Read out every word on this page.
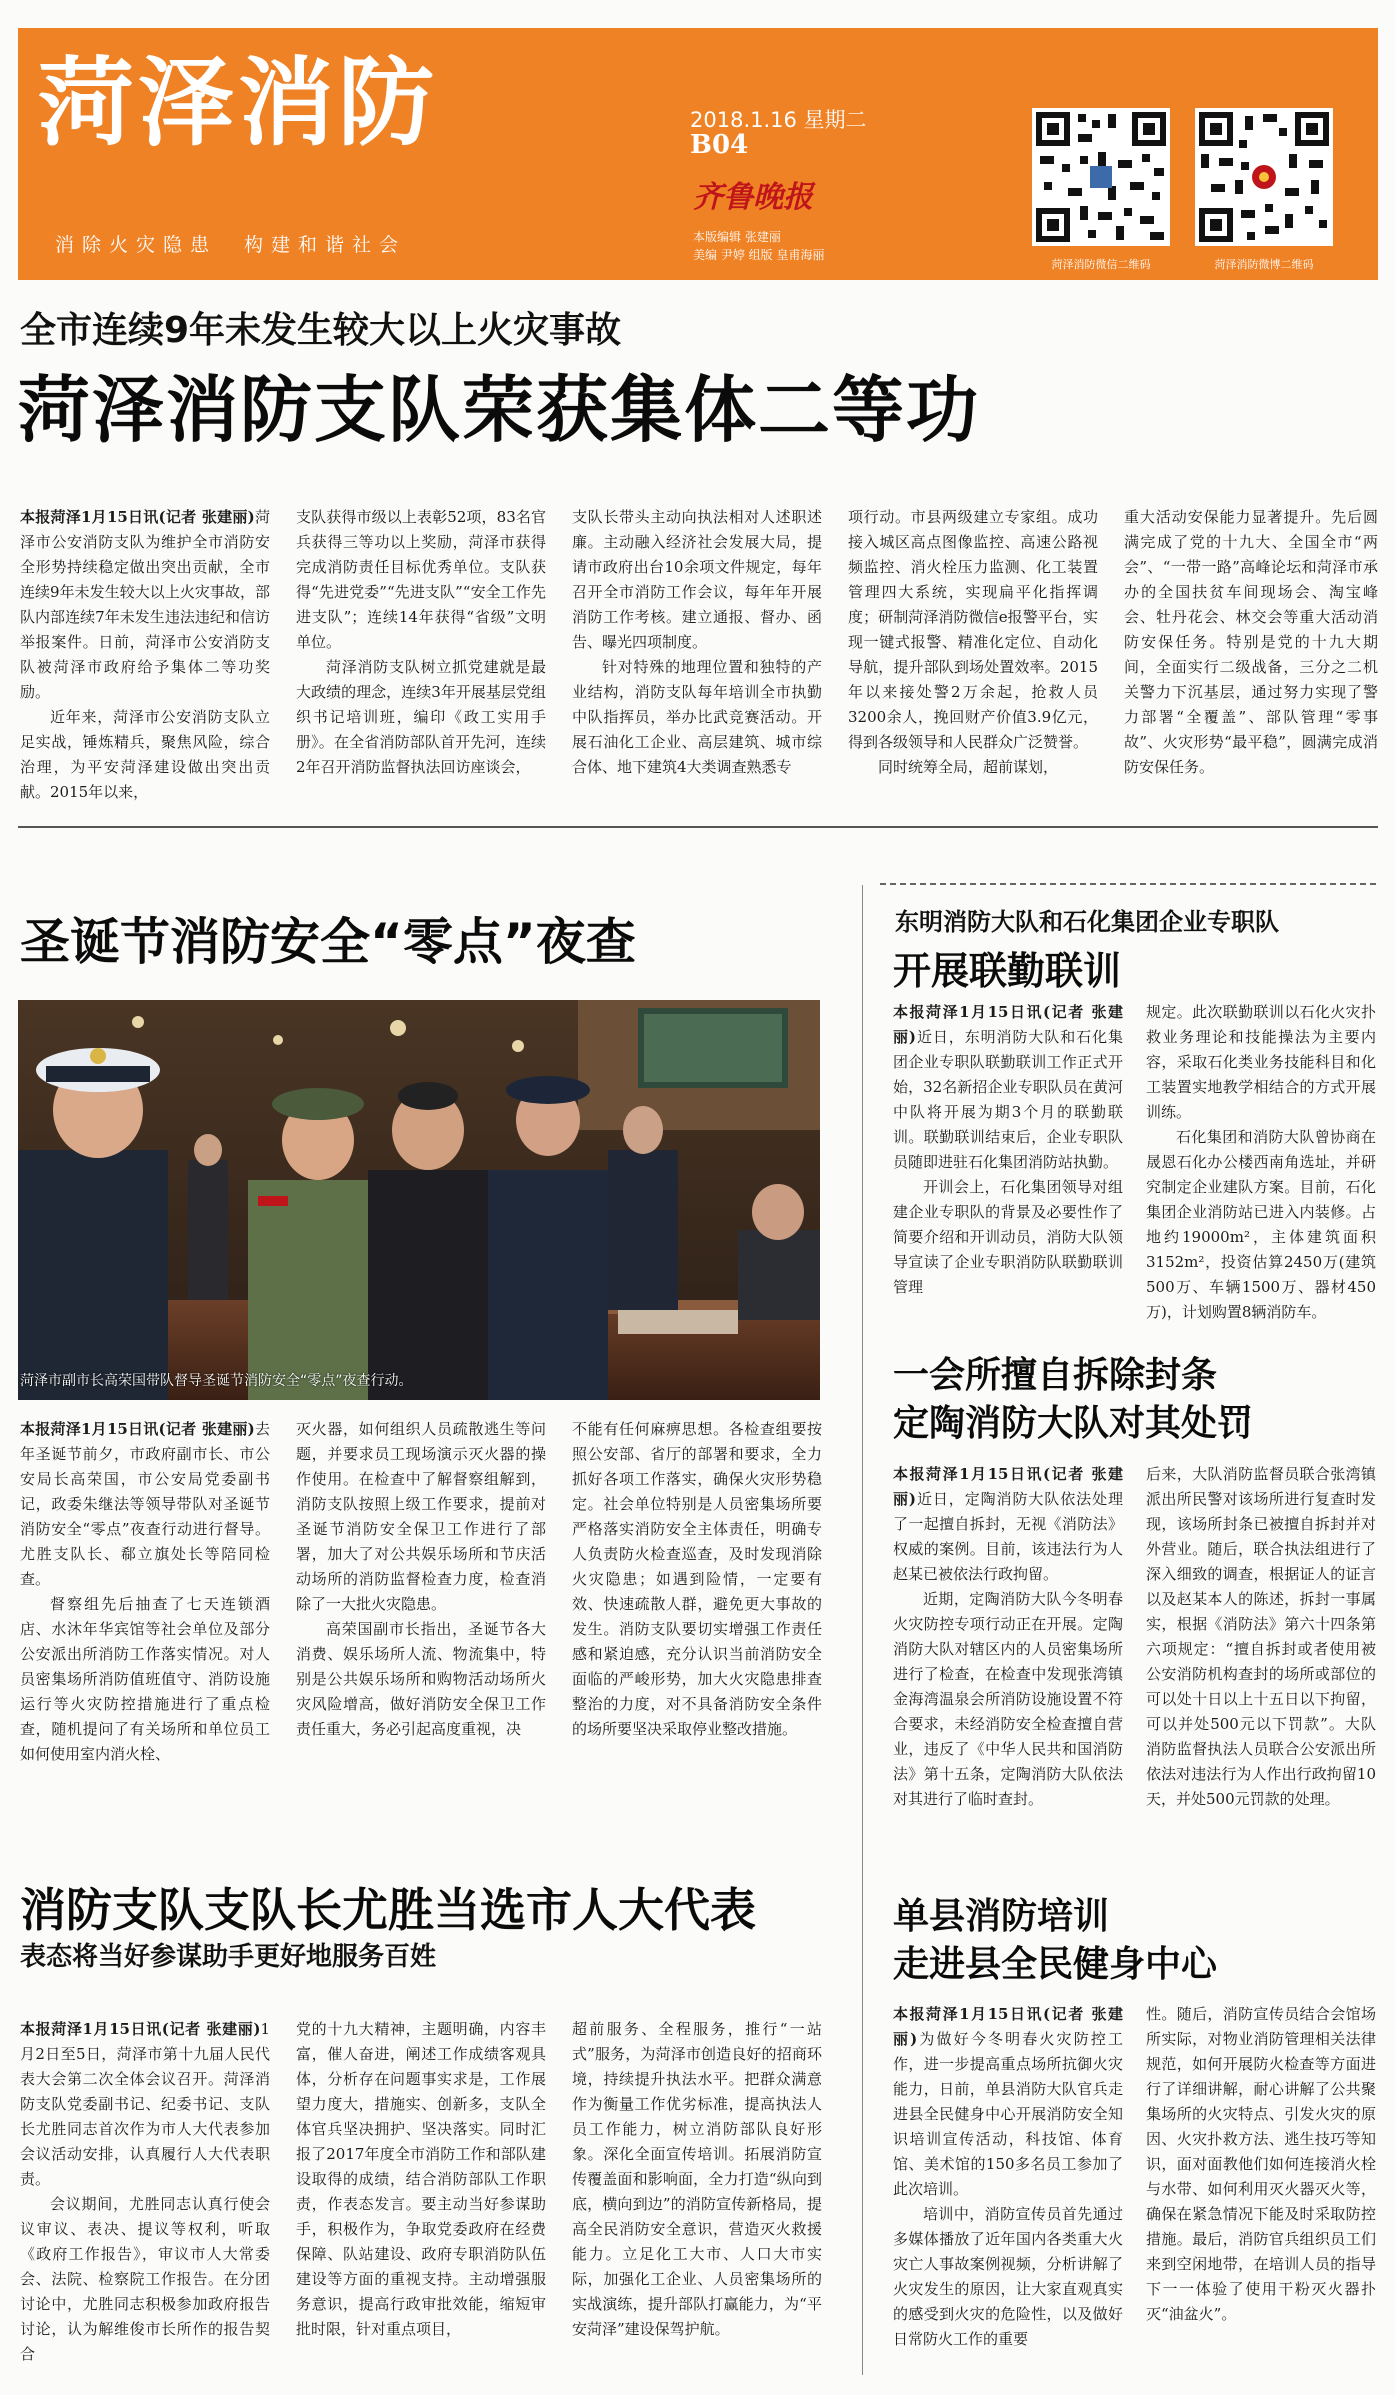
菏泽消防
消除火灾隐患　构建和谐社会
2018.1.16 星期二
B04
齐鲁晚报
本版编辑 张建丽
美编 尹婷 组版 皇甫海丽
菏泽消防微信二维码	菏泽消防微博二维码
全市连续9年未发生较大以上火灾事故
菏泽消防支队荣获集体二等功

本报菏泽1月15日讯(记者 张建丽)菏泽市公安消防支队为维护全市消防安全形势持续稳定做出突出贡献，全市连续9年未发生较大以上火灾事故，部队内部连续7年未发生违法违纪和信访举报案件。日前，菏泽市公安消防支队被菏泽市政府给予集体二等功奖励。

近年来，菏泽市公安消防支队立足实战，锤炼精兵，聚焦风险，综合治理，为平安菏泽建设做出突出贡献。2015年以来，

支队获得市级以上表彰52项，83名官兵获得三等功以上奖励，菏泽市获得完成消防责任目标优秀单位。支队获得“先进党委”“先进支队”“安全工作先进支队”；连续14年获得“省级”文明单位。

菏泽消防支队树立抓党建就是最大政绩的理念，连续3年开展基层党组织书记培训班，编印《政工实用手册》。在全省消防部队首开先河，连续2年召开消防监督执法回访座谈会，

支队长带头主动向执法相对人述职述廉。主动融入经济社会发展大局，提请市政府出台10余项文件规定，每年召开全市消防工作会议，每年年开展消防工作考核。建立通报、督办、函告、曝光四项制度。

针对特殊的地理位置和独特的产业结构，消防支队每年培训全市执勤中队指挥员，举办比武竞赛活动。开展石油化工企业、高层建筑、城市综合体、地下建筑4大类调查熟悉专

项行动。市县两级建立专家组。成功接入城区高点图像监控、高速公路视频监控、消火栓压力监测、化工装置管理四大系统，实现扁平化指挥调度；研制菏泽消防微信e报警平台，实现一键式报警、精准化定位、自动化导航，提升部队到场处置效率。2015年以来接处警2万余起，抢救人员3200余人，挽回财产价值3.9亿元，得到各级领导和人民群众广泛赞誉。

同时统筹全局，超前谋划，

重大活动安保能力显著提升。先后圆满完成了党的十九大、全国全市“两会”、“一带一路”高峰论坛和菏泽市承办的全国扶贫车间现场会、淘宝峰会、牡丹花会、林交会等重大活动消防安保任务。特别是党的十九大期间，全面实行二级战备，三分之二机关警力下沉基层，通过努力实现了警力部署“全覆盖”、部队管理“零事故”、火灾形势“最平稳”，圆满完成消防安保任务。

圣诞节消防安全“零点”夜查
菏泽市副市长高荣国带队督导圣诞节消防安全“零点”夜查行动。

本报菏泽1月15日讯(记者 张建丽)去年圣诞节前夕，市政府副市长、市公安局长高荣国，市公安局党委副书记，政委朱继法等领导带队对圣诞节消防安全“零点”夜查行动进行督导。尤胜支队长、郗立旗处长等陪同检查。

督察组先后抽查了七天连锁酒店、水沐年华宾馆等社会单位及部分公安派出所消防工作落实情况。对人员密集场所消防值班值守、消防设施运行等火灾防控措施进行了重点检查，随机提问了有关场所和单位员工如何使用室内消火栓、

灭火器，如何组织人员疏散逃生等问题，并要求员工现场演示灭火器的操作使用。在检查中了解督察组解到，消防支队按照上级工作要求，提前对圣诞节消防安全保卫工作进行了部署，加大了对公共娱乐场所和节庆活动场所的消防监督检查力度，检查消除了一大批火灾隐患。

高荣国副市长指出，圣诞节各大消费、娱乐场所人流、物流集中，特别是公共娱乐场所和购物活动场所火灾风险增高，做好消防安全保卫工作责任重大，务必引起高度重视，决

不能有任何麻痹思想。各检查组要按照公安部、省厅的部署和要求，全力抓好各项工作落实，确保火灾形势稳定。社会单位特别是人员密集场所要严格落实消防安全主体责任，明确专人负责防火检查巡查，及时发现消除火灾隐患；如遇到险情，一定要有效、快速疏散人群，避免更大事故的发生。消防支队要切实增强工作责任感和紧迫感，充分认识当前消防安全面临的严峻形势，加大火灾隐患排查整治的力度，对不具备消防安全条件的场所要坚决采取停业整改措施。

消防支队支队长尤胜当选市人大代表
表态将当好参谋助手更好地服务百姓

本报菏泽1月15日讯(记者 张建丽)1月2日至5日，菏泽市第十九届人民代表大会第二次全体会议召开。菏泽消防支队党委副书记、纪委书记、支队长尤胜同志首次作为市人大代表参加会议活动安排，认真履行人大代表职责。

会议期间，尤胜同志认真行使会议审议、表决、提议等权利，听取《政府工作报告》，审议市人大常委会、法院、检察院工作报告。在分团讨论中，尤胜同志积极参加政府报告讨论，认为解维俊市长所作的报告契合

党的十九大精神，主题明确，内容丰富，催人奋进，阐述工作成绩客观具体，分析存在问题事实求是，工作展望力度大，措施实、创新多，支队全体官兵坚决拥护、坚决落实。同时汇报了2017年度全市消防工作和部队建设取得的成绩，结合消防部队工作职责，作表态发言。要主动当好参谋助手，积极作为，争取党委政府在经费保障、队站建设、政府专职消防队伍建设等方面的重视支持。主动增强服务意识，提高行政审批效能，缩短审批时限，针对重点项目，

超前服务、全程服务，推行“一站式”服务，为菏泽市创造良好的招商环境，持续提升执法水平。把群众满意作为衡量工作优劣标准，提高执法人员工作能力，树立消防部队良好形象。深化全面宣传培训。拓展消防宣传覆盖面和影响面，全力打造“纵向到底，横向到边”的消防宣传新格局，提高全民消防安全意识，营造灭火救援能力。立足化工大市、人口大市实际，加强化工企业、人员密集场所的实战演练，提升部队打赢能力，为“平安菏泽”建设保驾护航。

东明消防大队和石化集团企业专职队
开展联勤联训

本报菏泽1月15日讯(记者 张建丽)近日，东明消防大队和石化集团企业专职队联勤联训工作正式开始，32名新招企业专职队员在黄河中队将开展为期3个月的联勤联训。联勤联训结束后，企业专职队员随即进驻石化集团消防站执勤。

开训会上，石化集团领导对组建企业专职队的背景及必要性作了简要介绍和开训动员，消防大队领导宣读了企业专职消防队联勤联训管理

规定。此次联勤联训以石化火灾扑救业务理论和技能操法为主要内容，采取石化类业务技能科目和化工装置实地教学相结合的方式开展训练。

石化集团和消防大队曾协商在晟恩石化办公楼西南角选址，并研究制定企业建队方案。目前，石化集团企业消防站已进入内装修。占地约19000m²，主体建筑面积3152m²，投资估算2450万(建筑500万、车辆1500万、器材450万)，计划购置8辆消防车。

一会所擅自拆除封条
定陶消防大队对其处罚

本报菏泽1月15日讯(记者 张建丽)近日，定陶消防大队依法处理了一起擅自拆封，无视《消防法》权威的案例。目前，该违法行为人赵某已被依法行政拘留。

近期，定陶消防大队今冬明春火灾防控专项行动正在开展。定陶消防大队对辖区内的人员密集场所进行了检查，在检查中发现张湾镇金海湾温泉会所消防设施设置不符合要求，未经消防安全检查擅自营业，违反了《中华人民共和国消防法》第十五条，定陶消防大队依法对其进行了临时查封。

后来，大队消防监督员联合张湾镇派出所民警对该场所进行复查时发现，该场所封条已被擅自拆封并对外营业。随后，联合执法组进行了深入细致的调查，根据证人的证言以及赵某本人的陈述，拆封一事属实，根据《消防法》第六十四条第六项规定：“擅自拆封或者使用被公安消防机构查封的场所或部位的可以处十日以上十五日以下拘留，可以并处500元以下罚款”。大队消防监督执法人员联合公安派出所依法对违法行为人作出行政拘留10天，并处500元罚款的处理。

单县消防培训
走进县全民健身中心

本报菏泽1月15日讯(记者 张建丽)为做好今冬明春火灾防控工作，进一步提高重点场所抗御火灾能力，日前，单县消防大队官兵走进县全民健身中心开展消防安全知识培训宣传活动，科技馆、体育馆、美术馆的150多名员工参加了此次培训。

培训中，消防宣传员首先通过多媒体播放了近年国内各类重大火灾亡人事故案例视频，分析讲解了火灾发生的原因，让大家直观真实的感受到火灾的危险性，以及做好日常防火工作的重要

性。随后，消防宣传员结合会馆场所实际，对物业消防管理相关法律规范，如何开展防火检查等方面进行了详细讲解，耐心讲解了公共聚集场所的火灾特点、引发火灾的原因、火灾扑救方法、逃生技巧等知识，面对面教他们如何连接消火栓与水带、如何利用灭火器灭火等，确保在紧急情况下能及时采取防控措施。最后，消防官兵组织员工们来到空闲地带，在培训人员的指导下一一体验了使用干粉灭火器扑灭“油盆火”。
